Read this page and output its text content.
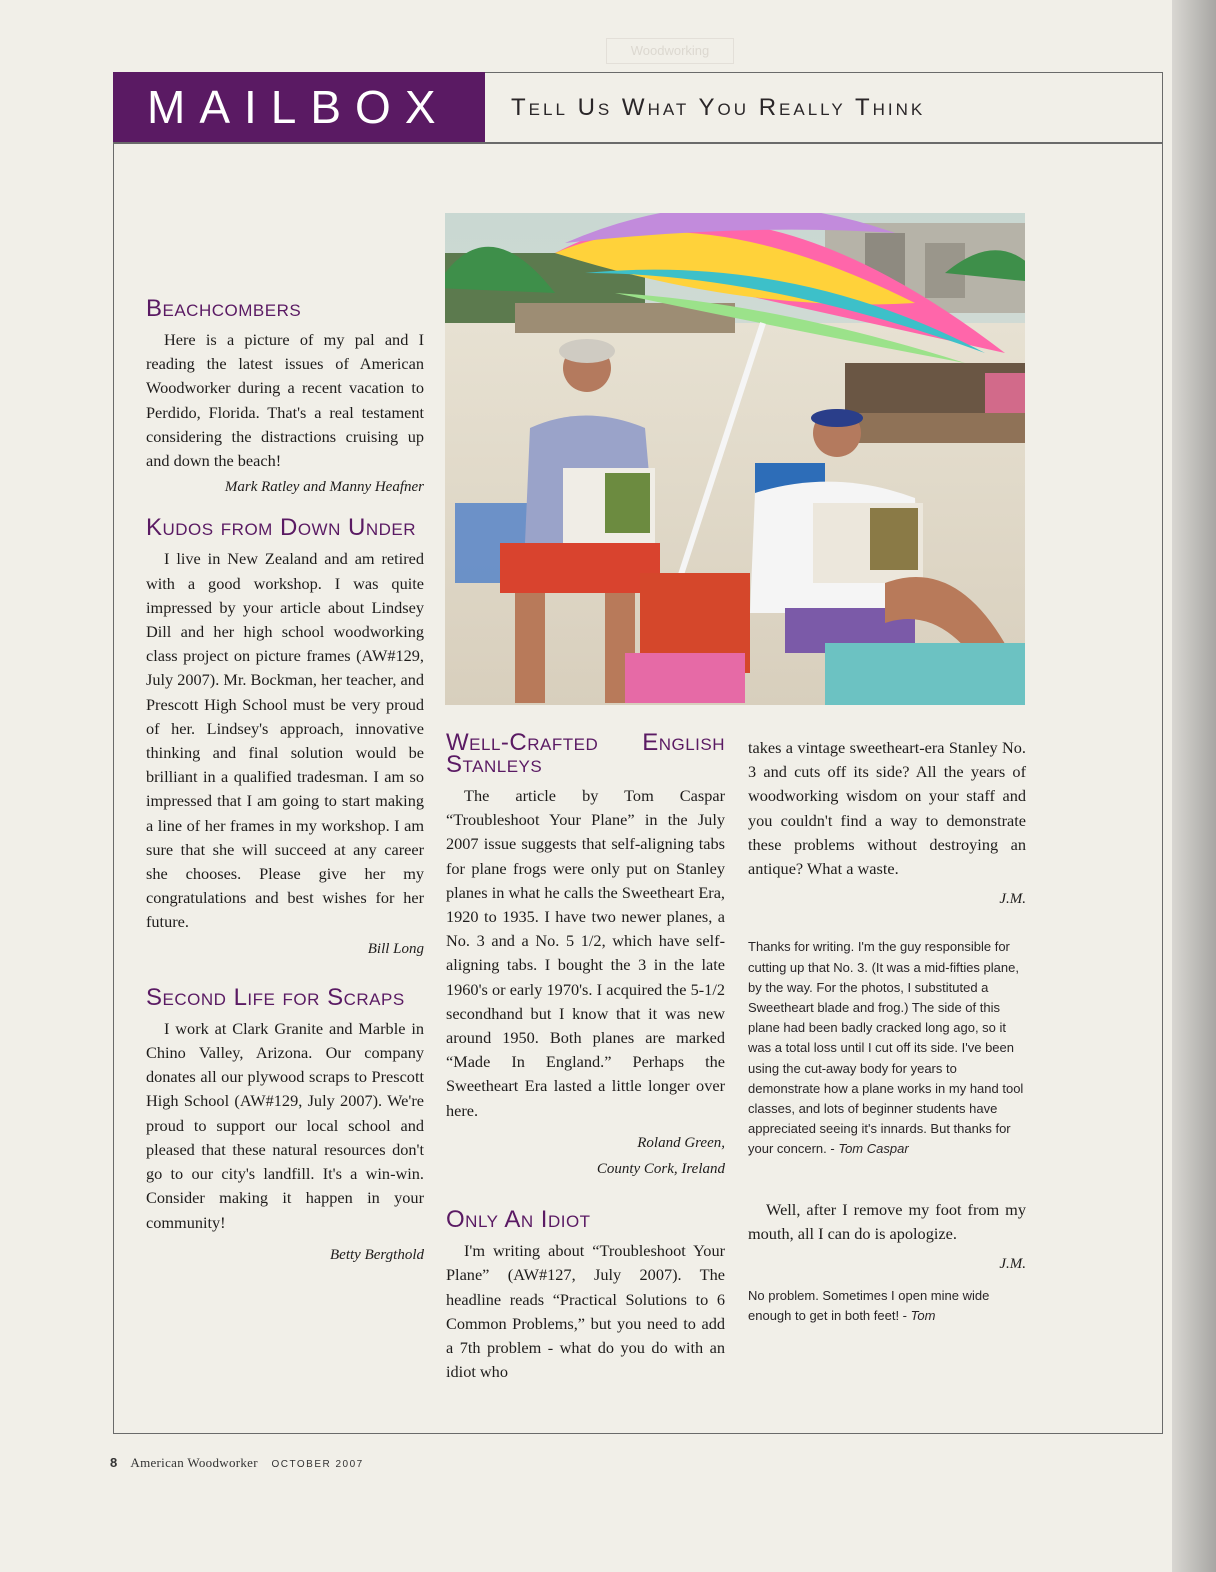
Woodworking
MAILBOX	Tell Us What You Really Think
Beachcombers

Here is a picture of my pal and I reading the latest issues of American Woodworker during a recent vacation to Perdido, Florida. That's a real testament considering the distractions cruising up and down the beach!

Mark Ratley and Manny Heafner
Kudos from Down Under

I live in New Zealand and am retired with a good workshop. I was quite impressed by your article about Lindsey Dill and her high school woodworking class project on picture frames (AW#129, July 2007). Mr. Bockman, her teacher, and Prescott High School must be very proud of her. Lindsey's approach, innovative thinking and final solution would be brilliant in a qualified tradesman. I am so impressed that I am going to start making a line of her frames in my workshop. I am sure that she will succeed at any career she chooses. Please give her my congratulations and best wishes for her future.

Bill Long
Second Life for Scraps

I work at Clark Granite and Marble in Chino Valley, Arizona. Our company donates all our plywood scraps to Prescott High School (AW#129, July 2007). We're proud to support our local school and pleased that these natural resources don't go to our city's landfill. It's a win-win. Consider making it happen in your community!

Betty Bergthold
Well-Crafted English Stanleys

The article by Tom Caspar “Troubleshoot Your Plane” in the July 2007 issue suggests that self-aligning tabs for plane frogs were only put on Stanley planes in what he calls the Sweetheart Era, 1920 to 1935. I have two newer planes, a No. 3 and a No. 5 1/2, which have self-aligning tabs. I bought the 3 in the late 1960's or early 1970's. I acquired the 5-1/2 secondhand but I know that it was new around 1950. Both planes are marked “Made In England.” Perhaps the Sweetheart Era lasted a little longer over here.

Roland Green,
County Cork, Ireland
Only An Idiot

I'm writing about “Troubleshoot Your Plane” (AW#127, July 2007). The headline reads “Practical Solutions to 6 Common Problems,” but you need to add a 7th problem - what do you do with an idiot who

takes a vintage sweetheart-era Stanley No. 3 and cuts off its side? All the years of woodworking wisdom on your staff and you couldn't find a way to demonstrate these problems without destroying an antique? What a waste.

J.M.
Thanks for writing. I'm the guy responsible for cutting up that No. 3. (It was a mid-fifties plane, by the way. For the photos, I substituted a Sweetheart blade and frog.) The side of this plane had been badly cracked long ago, so it was a total loss until I cut off its side. I've been using the cut-away body for years to demonstrate how a plane works in my hand tool classes, and lots of beginner students have appreciated seeing it's innards. But thanks for your concern. - Tom Caspar

Well, after I remove my foot from my mouth, all I can do is apologize.

J.M.
No problem. Sometimes I open mine wide enough to get in both feet! - Tom
8 American Woodworker OCTOBER 2007
